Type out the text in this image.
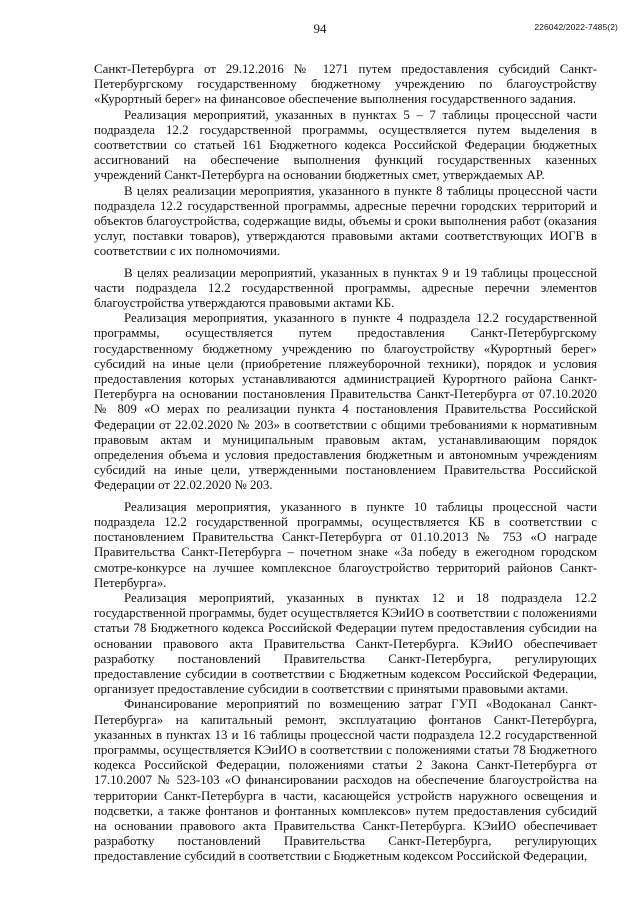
94	226042/2022-7485(2)

Санкт-Петербурга от 29.12.2016 № 1271 путем предоставления субсидий Санкт-Петербургскому государственному бюджетному учреждению по благоустройству «Курортный берег» на финансовое обеспечение выполнения государственного задания.

Реализация мероприятий, указанных в пунктах 5 – 7 таблицы процессной части подраздела 12.2 государственной программы, осуществляется путем выделения в соответствии со статьей 161 Бюджетного кодекса Российской Федерации бюджетных ассигнований на обеспечение выполнения функций государственных казенных учреждений Санкт-Петербурга на основании бюджетных смет, утверждаемых АР.

В целях реализации мероприятия, указанного в пункте 8 таблицы процессной части подраздела 12.2 государственной программы, адресные перечни городских территорий и объектов благоустройства, содержащие виды, объемы и сроки выполнения работ (оказания услуг, поставки товаров), утверждаются правовыми актами соответствующих ИОГВ в соответствии с их полномочиями.

В целях реализации мероприятий, указанных в пунктах 9 и 19 таблицы процессной части подраздела 12.2 государственной программы, адресные перечни элементов благоустройства утверждаются правовыми актами КБ.

Реализация мероприятия, указанного в пункте 4 подраздела 12.2 государственной программы, осуществляется путем предоставления Санкт-Петербургскому государственному бюджетному учреждению по благоустройству «Курортный берег» субсидий на иные цели (приобретение пляжеуборочной техники), порядок и условия предоставления которых устанавливаются администрацией Курортного района Санкт-Петербурга на основании постановления Правительства Санкт-Петербурга от 07.10.2020 № 809 «О мерах по реализации пункта 4 постановления Правительства Российской Федерации от 22.02.2020 № 203» в соответствии с общими требованиями к нормативным правовым актам и муниципальным правовым актам, устанавливающим порядок определения объема и условия предоставления бюджетным и автономным учреждениям субсидий на иные цели, утвержденными постановлением Правительства Российской Федерации от 22.02.2020 № 203.

Реализация мероприятия, указанного в пункте 10 таблицы процессной части подраздела 12.2 государственной программы, осуществляется КБ в соответствии с постановлением Правительства Санкт-Петербурга от 01.10.2013 № 753 «О награде Правительства Санкт-Петербурга – почетном знаке «За победу в ежегодном городском смотре-конкурсе на лучшее комплексное благоустройство территорий районов Санкт-Петербурга».

Реализация мероприятий, указанных в пунктах 12 и 18 подраздела 12.2 государственной программы, будет осуществляется КЭиИО в соответствии с положениями статьи 78 Бюджетного кодекса Российской Федерации путем предоставления субсидии на основании правового акта Правительства Санкт-Петербурга. КЭиИО обеспечивает разработку постановлений Правительства Санкт-Петербурга, регулирующих предоставление субсидии в соответствии с Бюджетным кодексом Российской Федерации, организует предоставление субсидии в соответствии с принятыми правовыми актами.

Финансирование мероприятий по возмещению затрат ГУП «Водоканал Санкт-Петербурга» на капитальный ремонт, эксплуатацию фонтанов Санкт-Петербурга, указанных в пунктах 13 и 16 таблицы процессной части подраздела 12.2 государственной программы, осуществляется КЭиИО в соответствии с положениями статьи 78 Бюджетного кодекса Российской Федерации, положениями статьи 2 Закона Санкт-Петербурга от 17.10.2007 № 523-103 «О финансировании расходов на обеспечение благоустройства на территории Санкт-Петербурга в части, касающейся устройств наружного освещения и подсветки, а также фонтанов и фонтанных комплексов» путем предоставления субсидий на основании правового акта Правительства Санкт-Петербурга. КЭиИО обеспечивает разработку постановлений Правительства Санкт-Петербурга, регулирующих предоставление субсидий в соответствии с Бюджетным кодексом Российской Федерации,
